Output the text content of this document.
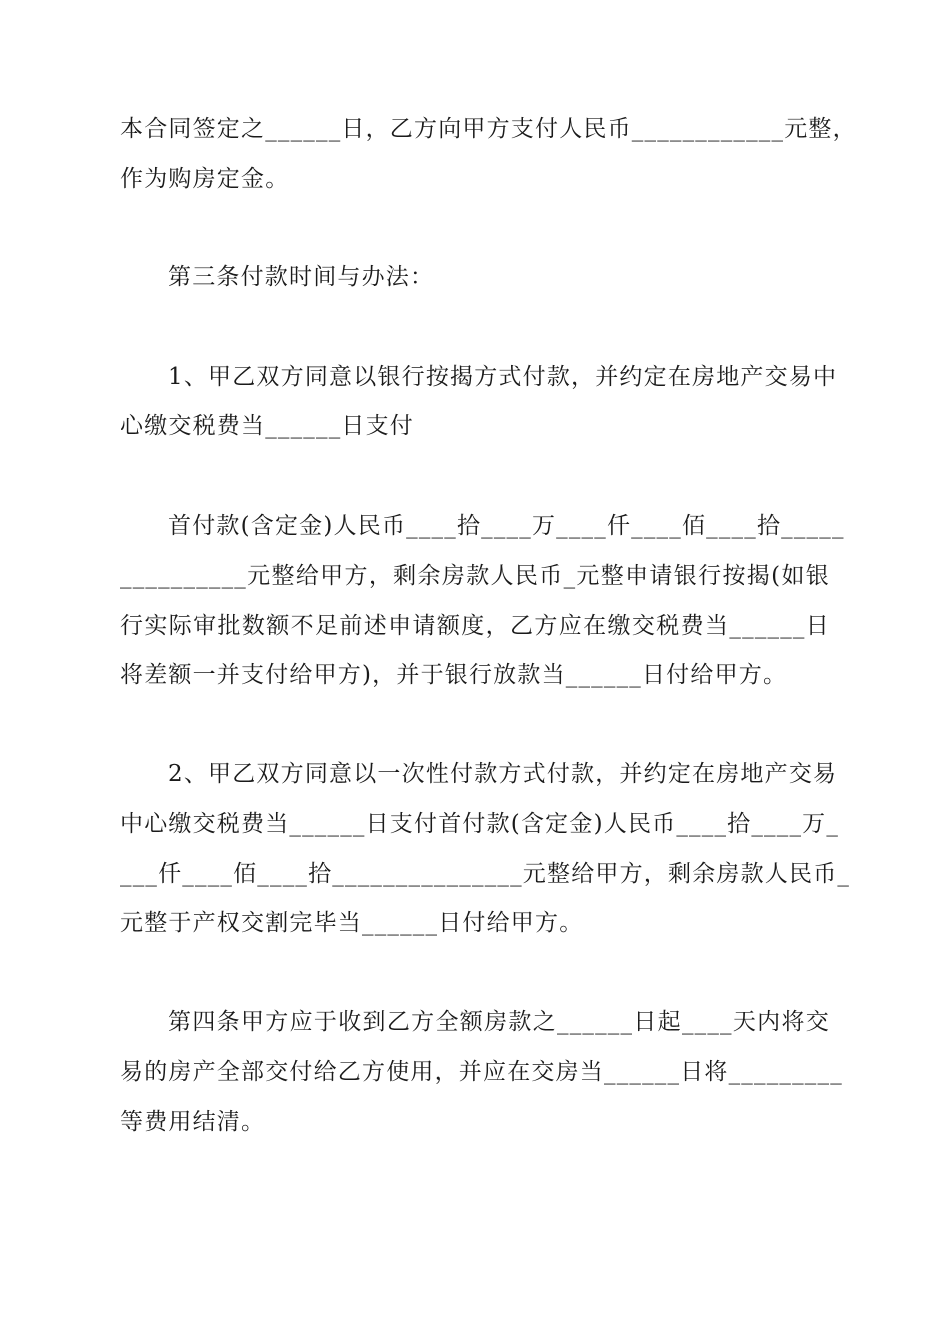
本合同签定之______日，乙方向甲方支付人民币____________元整，
作为购房定金。
第三条付款时间与办法：
1、甲乙双方同意以银行按揭方式付款，并约定在房地产交易中
心缴交税费当______日支付
首付款(含定金)人民币____拾____万____仟____佰____拾_____
__________元整给甲方，剩余房款人民币_元整申请银行按揭(如银
行实际审批数额不足前述申请额度，乙方应在缴交税费当______日
将差额一并支付给甲方)，并于银行放款当______日付给甲方。
2、甲乙双方同意以一次性付款方式付款，并约定在房地产交易
中心缴交税费当______日支付首付款(含定金)人民币____拾____万_
___仟____佰____拾_______________元整给甲方，剩余房款人民币_
元整于产权交割完毕当______日付给甲方。
第四条甲方应于收到乙方全额房款之______日起____天内将交
易的房产全部交付给乙方使用，并应在交房当______日将_________
等费用结清。
